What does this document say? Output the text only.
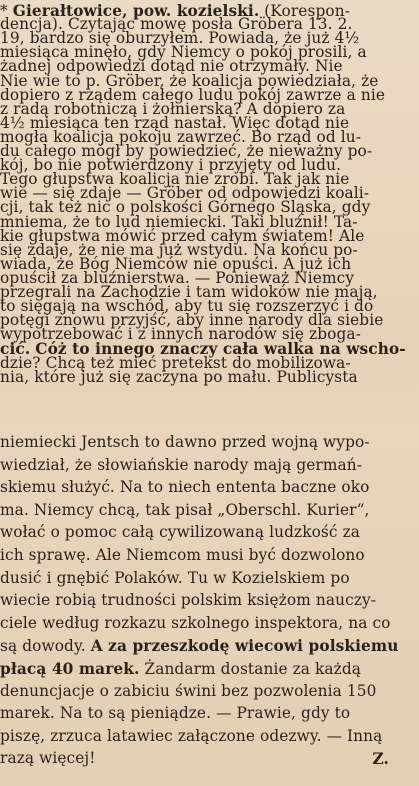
* Gierałtowice, pow. kozielski. (Korespon-
dencja). Czytając mowę posła Gröbera 13. 2.
19, bardzo się oburzyłem. Powiada, że już 4½
miesiąca minęło, gdy Niemcy o pokój prosili, a
żadnej odpowiedzi dotąd nie otrzymały. Nie
Nie wie to p. Gröber, że koalicja powiedziała, że
dopiero z rządem całego ludu pokój zawrze a nie
z radą robotniczą i żołnierską? A dopiero za
4½ miesiąca ten rząd nastał. Więc dotąd nie
mogła koalicja pokoju zawrzeć. Bo rząd od lu-
du całego mógł by powiedzieć, że nieważny po-
kój, bo nie potwierdzony i przyjęty od ludu.
Tego głupstwa koalicja nie zrobi. Tak jak nie
wie — się zdaje — Gröber od odpowiedzi koali-
cji, tak też nic o polskości Górnego Śląska, gdy
mniema, że to lud niemiecki. Taki bluźnił! Ta-
kie głupstwa mówić przed całym światem! Ale
się zdaje, że nie ma już wstydu. Na końcu po-
wiada, że Bóg Niemców nie opuści. A już ich
opuścił za bluźnierstwa. — Ponieważ Niemcy
przegrali na Zachodzie i tam widoków nie mają,
to sięgają na wschód, aby tu się rozszerzyć i do
potęgi znowu przyjść, aby inne narody dla siebie
wypotrzebować i z innych narodów się zboga-
cić. Cóż to innego znaczy cała walka na wscho-
dzie? Chcą też mieć pretekst do mobilizowa-
nia, które już się zaczyna po mału. Publicysta
niemiecki Jentsch to dawno przed wojną wypo-
wiedział, że słowiańskie narody mają germań-
skiemu służyć. Na to niech ententa baczne oko
ma. Niemcy chcą, tak pisał „Oberschl. Kurier“,
wołać o pomoc całą cywilizowaną ludzkość za
ich sprawę. Ale Niemcom musi być dozwolono
dusić i gnębić Polaków. Tu w Kozielskiem po
wiecie robią trudności polskim księżom nauczy-
ciele według rozkazu szkolnego inspektora, na co
są dowody. A za przeszkodę wiecowi polskiemu
płacą 40 marek. Żandarm dostanie za każdą
denuncjacje o zabiciu świni bez pozwolenia 150
marek. Na to są pieniądze. — Prawie, gdy to
piszę, zrzuca latawiec załączone odezwy. — Inną
razą więcej!	Z.
